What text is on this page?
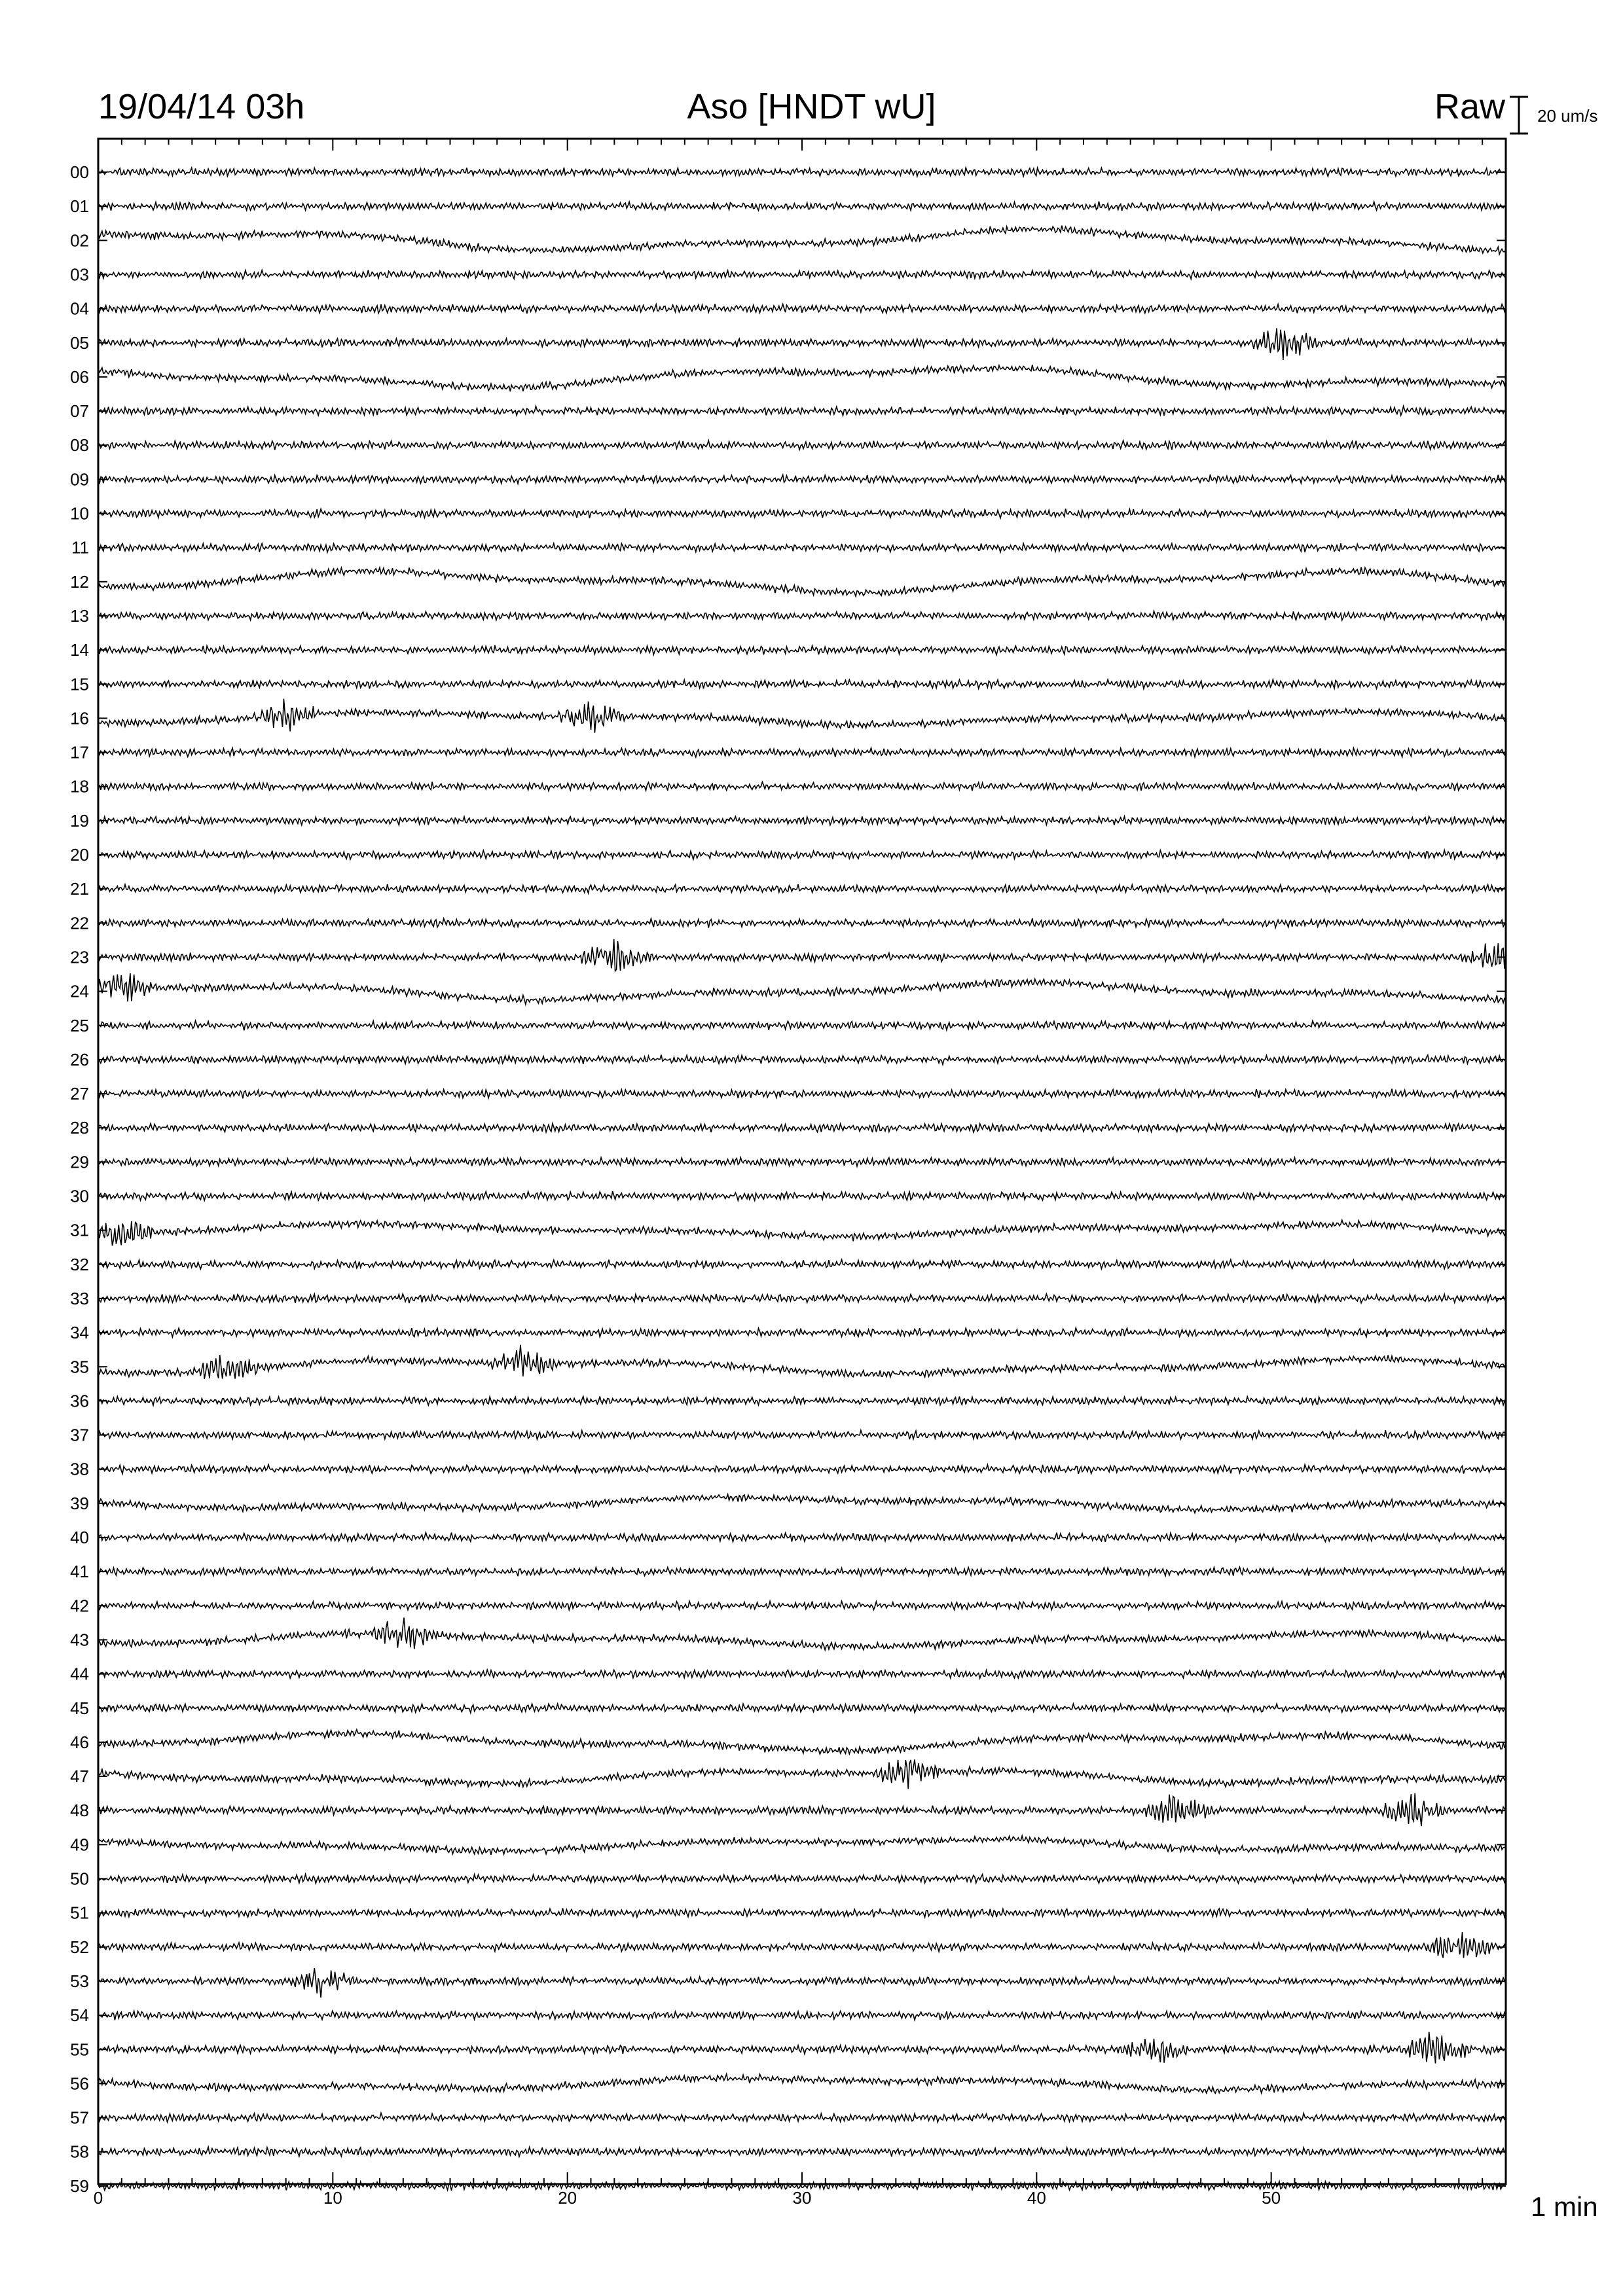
19/04/14 03h	Aso [HNDT wU]	Raw 20 um/s
1 min
00
01
02
03
04
05
06
07
08
09
10
11
12
13
14
15
16
17
18
19
20
21
22
23
24
25
26
27
28
29
30
31
32
33
34
35
36
37
38
39
40
41
42
43
44
45
46
47
48
49
50
51
52
53
54
55
56
57
58
59
0	10	20	30	40	50
